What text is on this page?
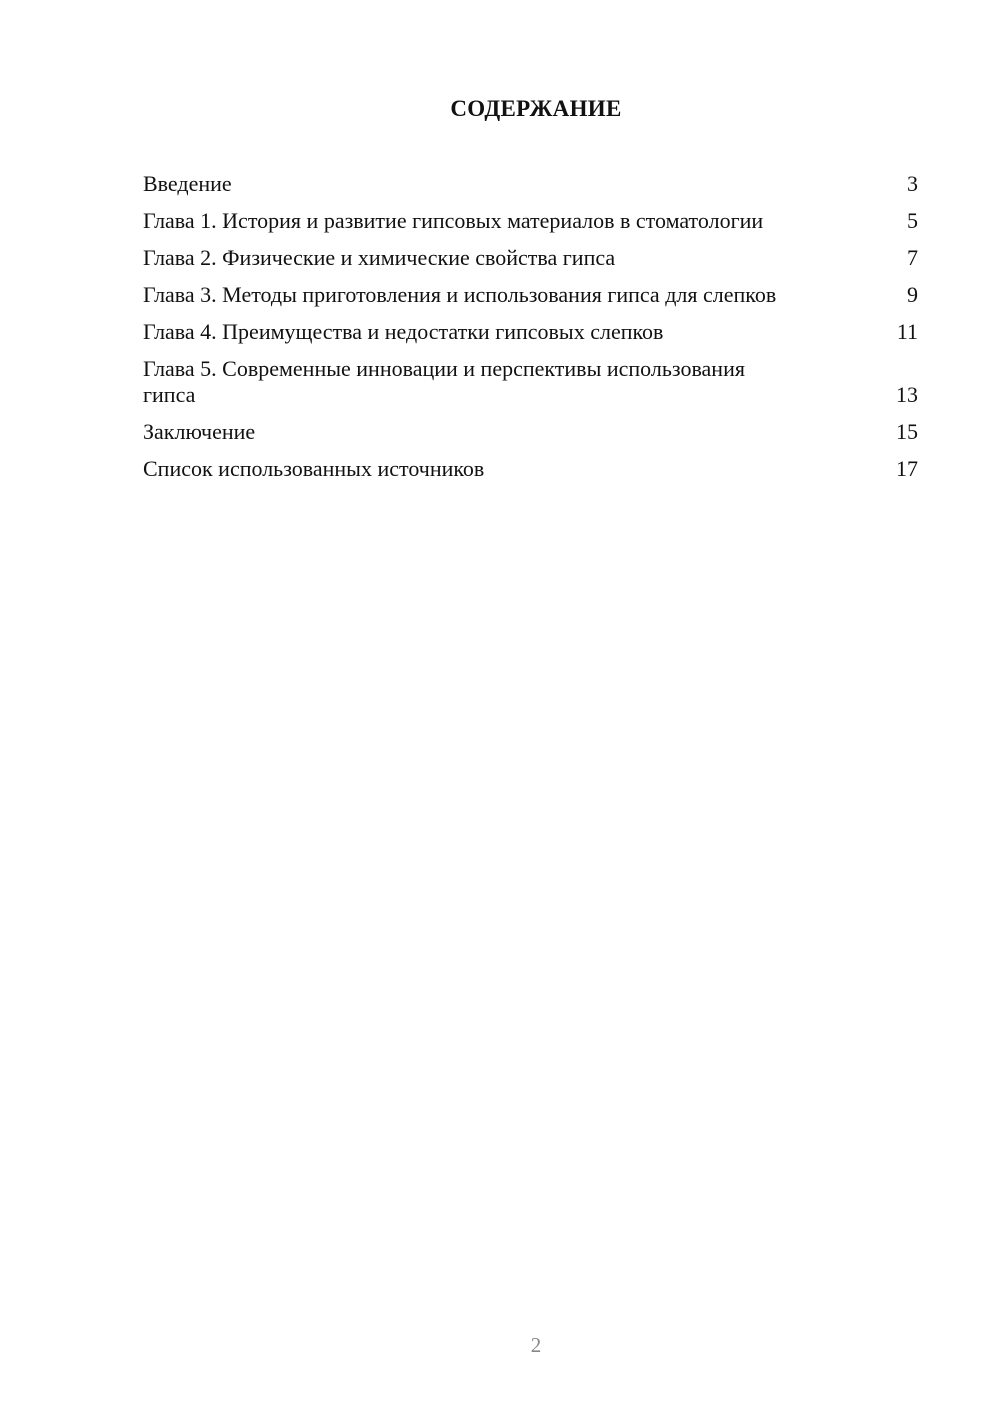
СОДЕРЖАНИЕ
Введение	3
Глава 1. История и развитие гипсовых материалов в стоматологии	5
Глава 2. Физические и химические свойства гипса	7
Глава 3. Методы приготовления и использования гипса для слепков	9
Глава 4. Преимущества и недостатки гипсовых слепков	11
Глава 5. Современные инновации и перспективы использования гипса	13
Заключение	15
Список использованных источников	17
2
